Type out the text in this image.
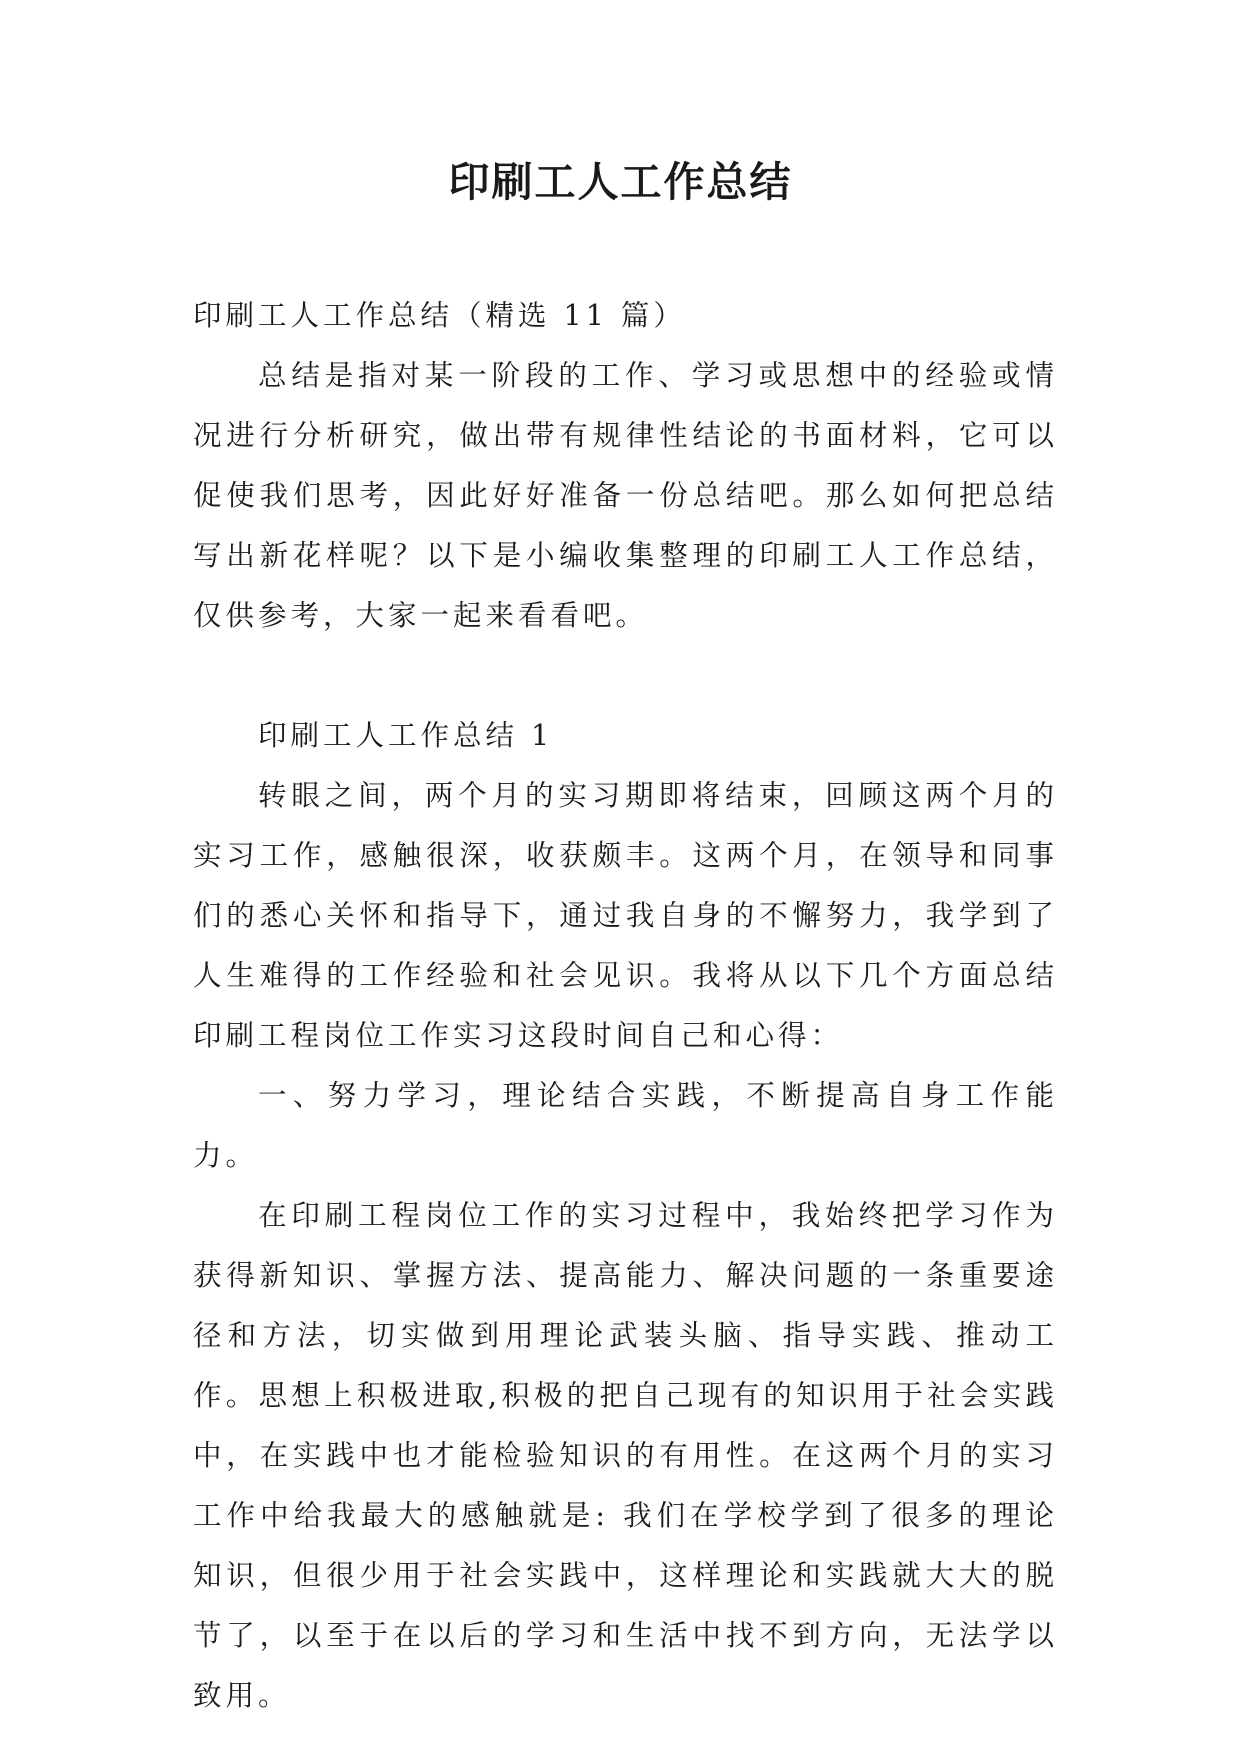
印刷工人工作总结

印刷工人工作总结（精选 11 篇）

总结是指对某一阶段的工作、学习或思想中的经验或情况进行分析研究，做出带有规律性结论的书面材料，它可以促使我们思考，因此好好准备一份总结吧。那么如何把总结写出新花样呢？以下是小编收集整理的印刷工人工作总结，仅供参考，大家一起来看看吧。

印刷工人工作总结 1

转眼之间，两个月的实习期即将结束，回顾这两个月的实习工作，感触很深，收获颇丰。这两个月，在领导和同事们的悉心关怀和指导下，通过我自身的不懈努力，我学到了人生难得的工作经验和社会见识。我将从以下几个方面总结印刷工程岗位工作实习这段时间自己和心得：

一、努力学习，理论结合实践，不断提高自身工作能力。

在印刷工程岗位工作的实习过程中，我始终把学习作为获得新知识、掌握方法、提高能力、解决问题的一条重要途径和方法，切实做到用理论武装头脑、指导实践、推动工作。思想上积极进取,积极的把自己现有的知识用于社会实践中，在实践中也才能检验知识的有用性。在这两个月的实习工作中给我最大的感触就是: 我们在学校学到了很多的理论知识，但很少用于社会实践中，这样理论和实践就大大的脱节了，以至于在以后的学习和生活中找不到方向，无法学以致用。
